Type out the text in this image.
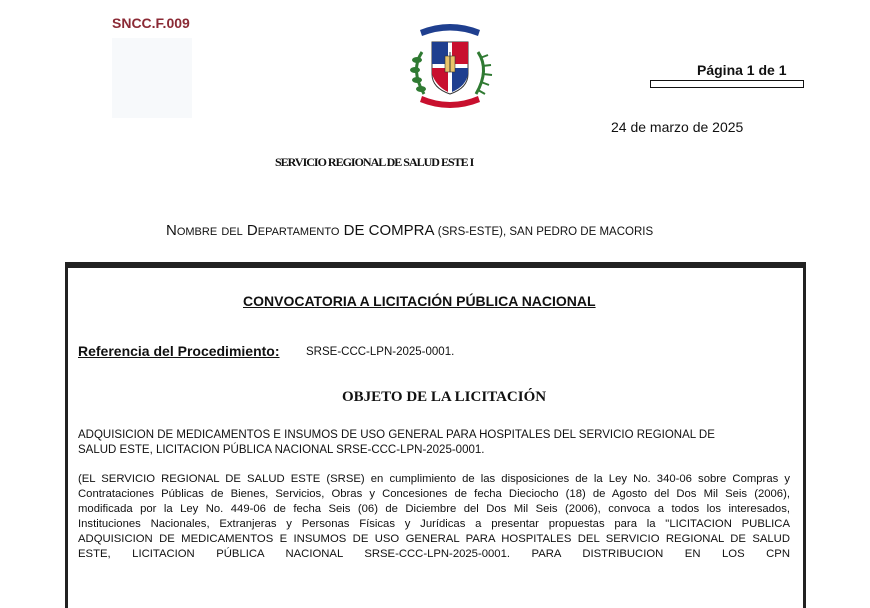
SNCC.F.009
Página 1 de 1
24 de marzo de 2025
SERVICIO REGIONAL DE SALUD ESTE I
Nombre del Departamento DE COMPRA (SRS-ESTE), SAN PEDRO DE MACORIS
CONVOCATORIA A LICITACIÓN PÚBLICA NACIONAL
Referencia del Procedimiento: SRSE-CCC-LPN-2025-0001.
OBJETO DE LA LICITACIÓN
ADQUISICION DE MEDICAMENTOS E INSUMOS DE USO GENERAL PARA HOSPITALES DEL SERVICIO REGIONAL DE
SALUD ESTE, LICITACION PÚBLICA NACIONAL SRSE-CCC-LPN-2025-0001.
(EL SERVICIO REGIONAL DE SALUD ESTE (SRSE) en cumplimiento de las disposiciones de la Ley No. 340-06 sobre Compras y
Contrataciones Públicas de Bienes, Servicios, Obras y Concesiones de fecha Dieciocho (18) de Agosto del Dos Mil Seis (2006),
modificada por la Ley No. 449-06 de fecha Seis (06) de Diciembre del Dos Mil Seis (2006), convoca a todos los interesados,
Instituciones Nacionales, Extranjeras y Personas Físicas y Jurídicas a presentar propuestas para la "LICITACION PUBLICA
ADQUISICION DE MEDICAMENTOS E INSUMOS DE USO GENERAL PARA HOSPITALES DEL SERVICIO REGIONAL DE SALUD
ESTE, LICITACION PÚBLICA NACIONAL SRSE-CCC-LPN-2025-0001. PARA DISTRIBUCION EN LOS CPN
